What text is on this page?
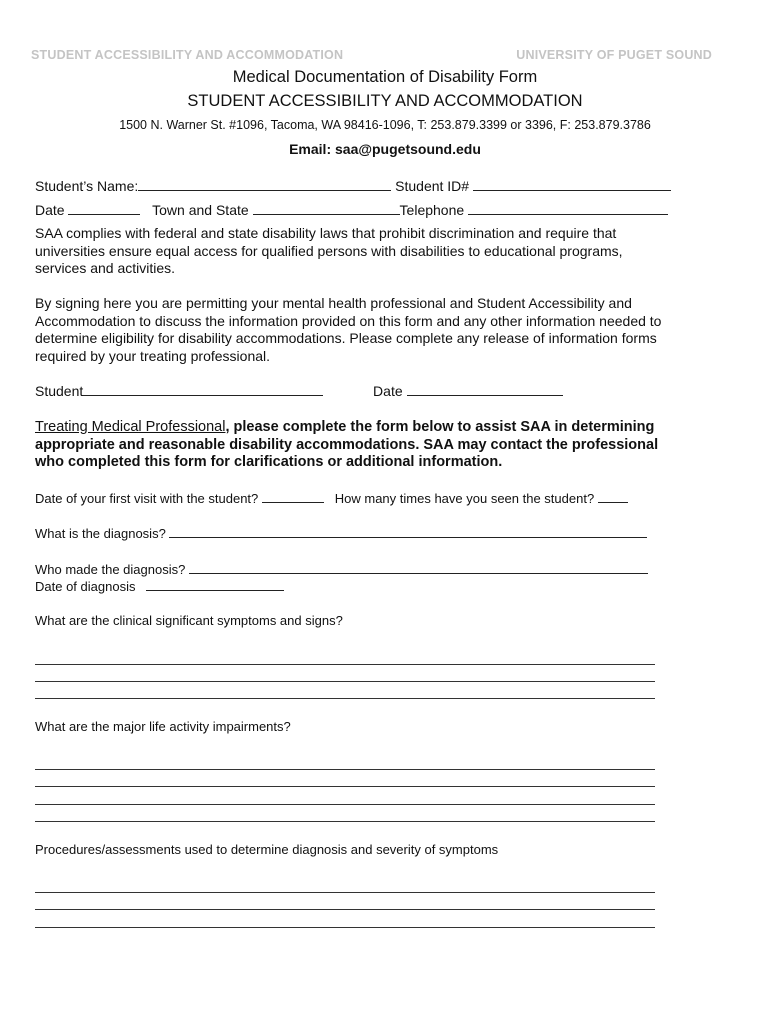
STUDENT ACCESSIBILITY AND ACCOMMODATION	UNIVERSITY OF PUGET SOUND
Medical Documentation of Disability Form
STUDENT ACCESSIBILITY AND ACCOMMODATION
1500 N. Warner St. #1096, Tacoma, WA 98416-1096, T: 253.879.3399 or 3396, F: 253.879.3786
Email: saa@pugetsound.edu
Student’s Name:	Student ID#
Date	Town and State	Telephone
SAA complies with federal and state disability laws that prohibit discrimination and require that universities ensure equal access for qualified persons with disabilities to educational programs, services and activities.
By signing here you are permitting your mental health professional and Student Accessibility and Accommodation to discuss the information provided on this form and any other information needed to determine eligibility for disability accommodations. Please complete any release of information forms required by your treating professional.
Student	Date
Treating Medical Professional, please complete the form below to assist SAA in determining appropriate and reasonable disability accommodations. SAA may contact the professional who completed this form for clarifications or additional information.
Date of your first visit with the student?	How many times have you seen the student?
What is the diagnosis?
Who made the diagnosis?
Date of diagnosis
What are the clinical significant symptoms and signs?
What are the major life activity impairments?
Procedures/assessments used to determine diagnosis and severity of symptoms
